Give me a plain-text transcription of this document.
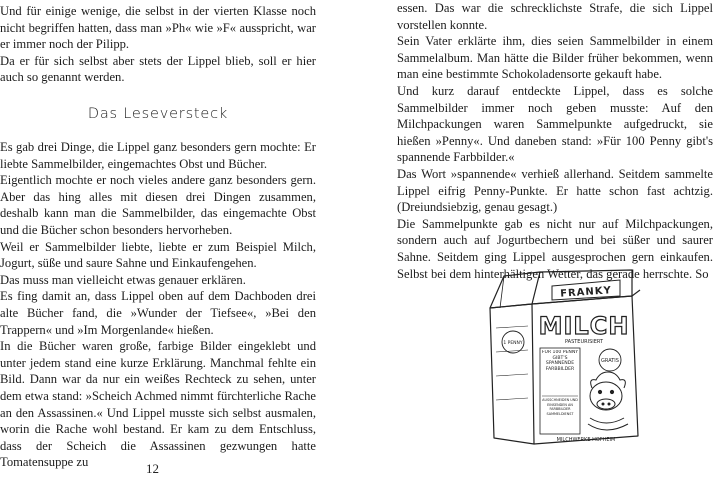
Und für einige wenige, die selbst in der vierten Klasse noch nicht begriffen hatten, dass man »Ph« wie »F« ausspricht, war er immer noch der Pilipp.

Da er für sich selbst aber stets der Lippel blieb, soll er hier auch so genannt werden.

Das Leseversteck

Es gab drei Dinge, die Lippel ganz besonders gern mochte: Er liebte Sammelbilder, eingemachtes Obst und Bücher.

Eigentlich mochte er noch vieles andere ganz besonders gern. Aber das hing alles mit diesen drei Dingen zusammen, deshalb kann man die Sammelbilder, das eingemachte Obst und die Bücher schon besonders hervorheben.

Weil er Sammelbilder liebte, liebte er zum Beispiel Milch, Jogurt, süße und saure Sahne und Einkaufengehen.

Das muss man vielleicht etwas genauer erklären.

Es fing damit an, dass Lippel oben auf dem Dachboden drei alte Bücher fand, die »Wunder der Tiefsee«, »Bei den Trappern« und »Im Morgenlande« hießen.

In die Bücher waren große, farbige Bilder eingeklebt und unter jedem stand eine kurze Erklärung. Manchmal fehlte ein Bild. Dann war da nur ein weißes Rechteck zu sehen, unter dem etwa stand: »Scheich Achmed nimmt fürchterliche Rache an den Assassinen.« Und Lippel musste sich selbst ausmalen, worin die Rache wohl bestand. Er kam zu dem Entschluss, dass der Scheich die Assassinen gezwungen hatte Tomatensuppe zu	12

essen. Das war die schrecklichste Strafe, die sich Lippel vorstellen konnte.

Sein Vater erklärte ihm, dies seien Sammelbilder in einem Sammelalbum. Man hätte die Bilder früher bekommen, wenn man eine bestimmte Schokoladensorte gekauft habe.

Und kurz darauf entdeckte Lippel, dass es solche Sammelbilder immer noch geben musste: Auf den Milchpackungen waren Sammelpunkte aufgedruckt, sie hießen »Penny«. Und daneben stand: »Für 100 Penny gibt's spannende Farbbilder.«

Das Wort »spannende« verhieß allerhand. Seitdem sammelte Lippel eifrig Penny-Punkte. Er hatte schon fast achtzig. (Dreiundsiebzig, genau gesagt.)

Die Sammelpunkte gab es nicht nur auf Milchpackungen, sondern auch auf Jogurtbechern und bei süßer und saurer Sahne. Seitdem ging Lippel ausgesprochen gern einkaufen. Selbst bei dem hinterhältigen Wetter, das gerade herrschte. So

1 PENNY
FRANKY
MILCH
PASTEURISIERT
FÜR 100 PENNY GIBT'S SPANNENDE FARBBILDER
AUSSCHNEIDEN UND EINSENDEN AN FARBBILDER SAMMELDIENST
GRATIS
MILCHWERKE HOFHEIM
